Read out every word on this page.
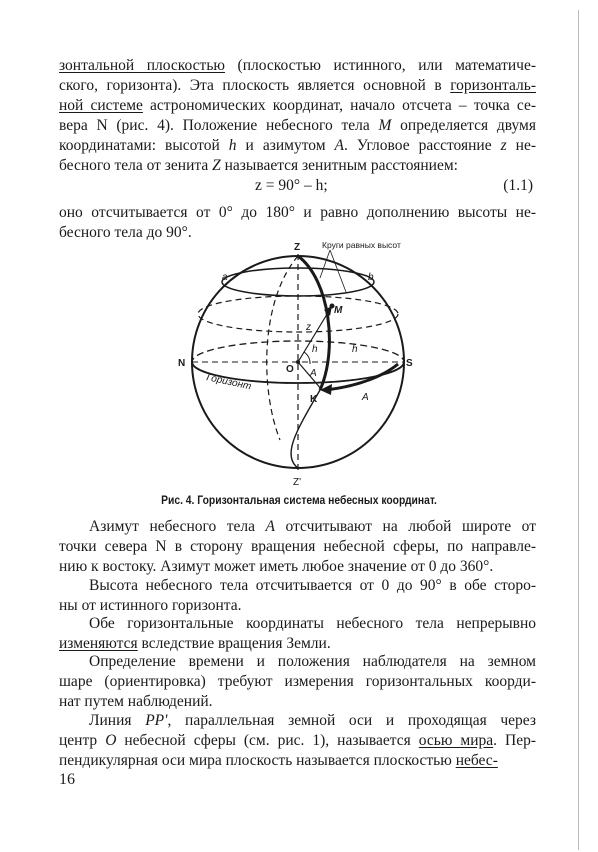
зонтальной плоскостью (плоскостью истинного, или математиче-
ского, горизонта). Эта плоскость является основной в горизонталь-
ной системе астрономических координат, начало отсчета – точка се-
вера N (рис. 4). Положение небесного тела M определяется двумя
координатами: высотой h и азимутом A. Угловое расстояние z не-
бесного тела от зенита Z называется зенитным расстоянием:
z = 90° – h;	(1.1)
оно отсчитывается от 0° до 180° и равно дополнению высоты не-
бесного тела до 90°.
Z
Z'
N	S
O
a	b
M
K
z
h	h
A
A
Горизонт
Круги равных высот
Рис. 4. Горизонтальная система небесных координат.
Азимут небесного тела A отсчитывают на любой широте от
точки севера N в сторону вращения небесной сферы, по направле-
нию к востоку. Азимут может иметь любое значение от 0 до 360°.
Высота небесного тела отсчитывается от 0 до 90° в обе сторо-
ны от истинного горизонта.
Обе горизонтальные координаты небесного тела непрерывно
изменяются вследствие вращения Земли.
Определение времени и положения наблюдателя на земном
шаре (ориентировка) требуют измерения горизонтальных коорди-
нат путем наблюдений.
Линия PP', параллельная земной оси и проходящая через
центр O небесной сферы (см. рис. 1), называется осью мира. Пер-
пендикулярная оси мира плоскость называется плоскостью небес-
16
